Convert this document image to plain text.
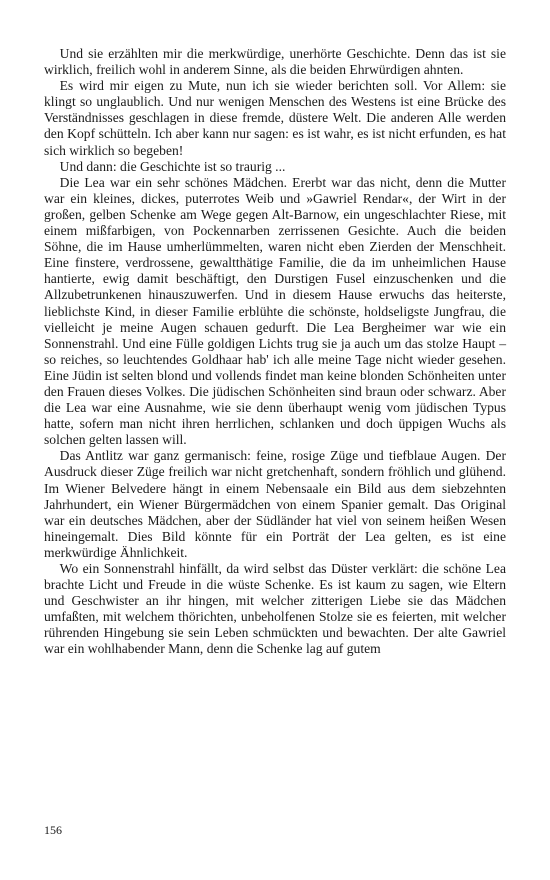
Und sie erzählten mir die merkwürdige, unerhörte Geschichte. Denn das ist sie wirklich, freilich wohl in anderem Sinne, als die beiden Ehrwürdigen ahnten.

Es wird mir eigen zu Mute, nun ich sie wieder berichten soll. Vor Allem: sie klingt so unglaublich. Und nur wenigen Menschen des Westens ist eine Brücke des Verständnisses geschlagen in diese fremde, düstere Welt. Die anderen Alle werden den Kopf schütteln. Ich aber kann nur sagen: es ist wahr, es ist nicht erfunden, es hat sich wirklich so begeben!

Und dann: die Geschichte ist so traurig ...

Die Lea war ein sehr schönes Mädchen. Ererbt war das nicht, denn die Mutter war ein kleines, dickes, puterrotes Weib und »Gawriel Rendar«, der Wirt in der großen, gelben Schenke am Wege gegen Alt-Barnow, ein ungeschlachter Riese, mit einem mißfarbigen, von Pockennarben zerrissenen Gesichte. Auch die beiden Söhne, die im Hause umherlümmelten, waren nicht eben Zierden der Menschheit. Eine finstere, verdrossene, gewaltthätige Familie, die da im unheimlichen Hause hantierte, ewig damit beschäftigt, den Durstigen Fusel einzuschenken und die Allzubetrunkenen hinauszuwerfen. Und in diesem Hause erwuchs das heiterste, lieblichste Kind, in dieser Familie erblühte die schönste, holdseligste Jungfrau, die vielleicht je meine Augen schauen gedurft. Die Lea Bergheimer war wie ein Sonnenstrahl. Und eine Fülle goldigen Lichts trug sie ja auch um das stolze Haupt – so reiches, so leuchtendes Goldhaar hab' ich alle meine Tage nicht wieder gesehen. Eine Jüdin ist selten blond und vollends findet man keine blonden Schönheiten unter den Frauen dieses Volkes. Die jüdischen Schönheiten sind braun oder schwarz. Aber die Lea war eine Ausnahme, wie sie denn überhaupt wenig vom jüdischen Typus hatte, sofern man nicht ihren herrlichen, schlanken und doch üppigen Wuchs als solchen gelten lassen will.

Das Antlitz war ganz germanisch: feine, rosige Züge und tiefblaue Augen. Der Ausdruck dieser Züge freilich war nicht gretchenhaft, sondern fröhlich und glühend. Im Wiener Belvedere hängt in einem Nebensaale ein Bild aus dem siebzehnten Jahrhundert, ein Wiener Bürgermädchen von einem Spanier gemalt. Das Original war ein deutsches Mädchen, aber der Südländer hat viel von seinem heißen Wesen hineingemalt. Dies Bild könnte für ein Porträt der Lea gelten, es ist eine merkwürdige Ähnlichkeit.

Wo ein Sonnenstrahl hinfällt, da wird selbst das Düster verklärt: die schöne Lea brachte Licht und Freude in die wüste Schenke. Es ist kaum zu sagen, wie Eltern und Geschwister an ihr hingen, mit welcher zitterigen Liebe sie das Mädchen umfaßten, mit welchem thörichten, unbeholfenen Stolze sie es feierten, mit welcher rührenden Hingebung sie sein Leben schmückten und bewachten. Der alte Gawriel war ein wohlhabender Mann, denn die Schenke lag auf gutem

156
